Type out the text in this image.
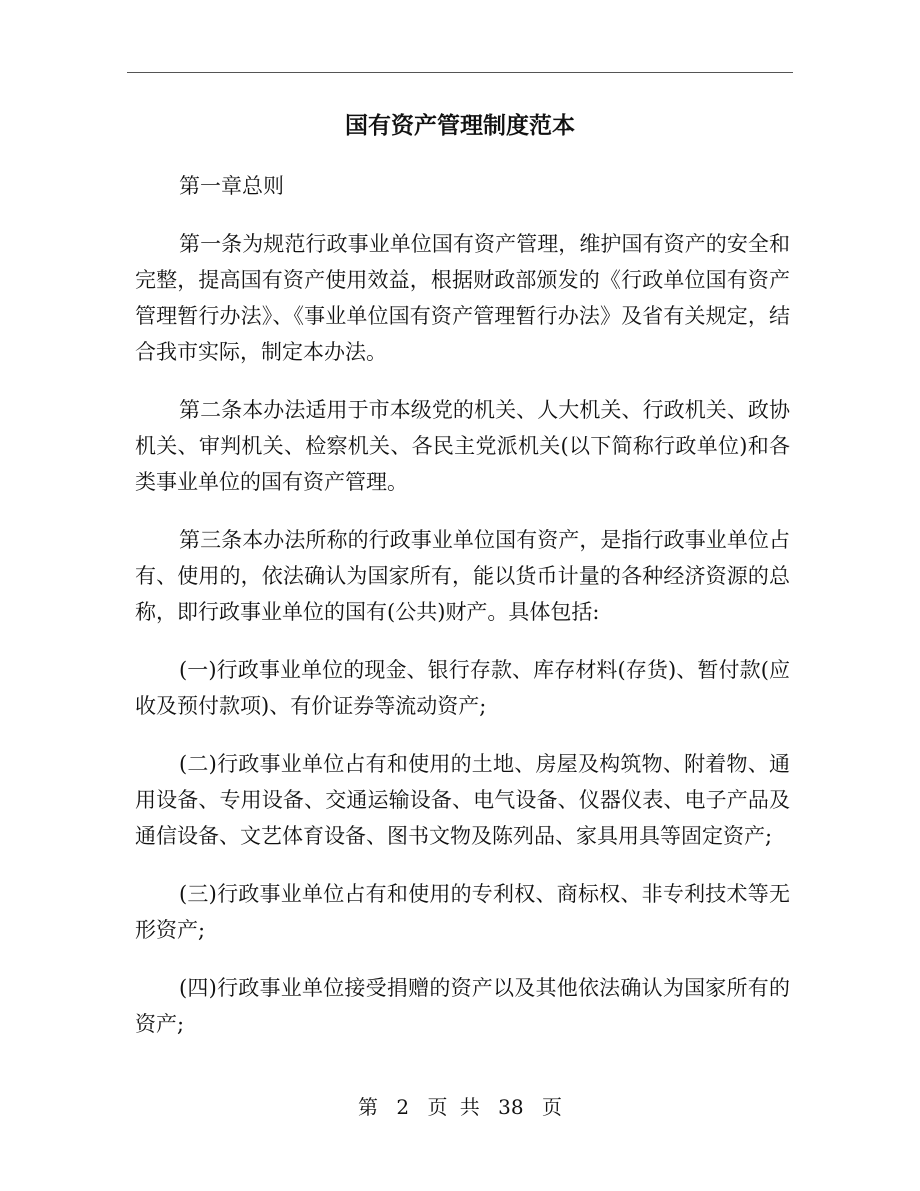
国有资产管理制度范本

第一章总则

第一条为规范行政事业单位国有资产管理，维护国有资产的安全和完整，提高国有资产使用效益，根据财政部颁发的《行政单位国有资产管理暂行办法》、《事业单位国有资产管理暂行办法》及省有关规定，结合我市实际，制定本办法。

第二条本办法适用于市本级党的机关、人大机关、行政机关、政协机关、审判机关、检察机关、各民主党派机关(以下简称行政单位)和各类事业单位的国有资产管理。

第三条本办法所称的行政事业单位国有资产，是指行政事业单位占有、使用的，依法确认为国家所有，能以货币计量的各种经济资源的总称，即行政事业单位的国有(公共)财产。具体包括:

(一)行政事业单位的现金、银行存款、库存材料(存货)、暂付款(应收及预付款项)、有价证券等流动资产;

(二)行政事业单位占有和使用的土地、房屋及构筑物、附着物、通用设备、专用设备、交通运输设备、电气设备、仪器仪表、电子产品及通信设备、文艺体育设备、图书文物及陈列品、家具用具等固定资产;

(三)行政事业单位占有和使用的专利权、商标权、非专利技术等无形资产;

(四)行政事业单位接受捐赠的资产以及其他依法确认为国家所有的资产;

第 2 页 共 38 页
